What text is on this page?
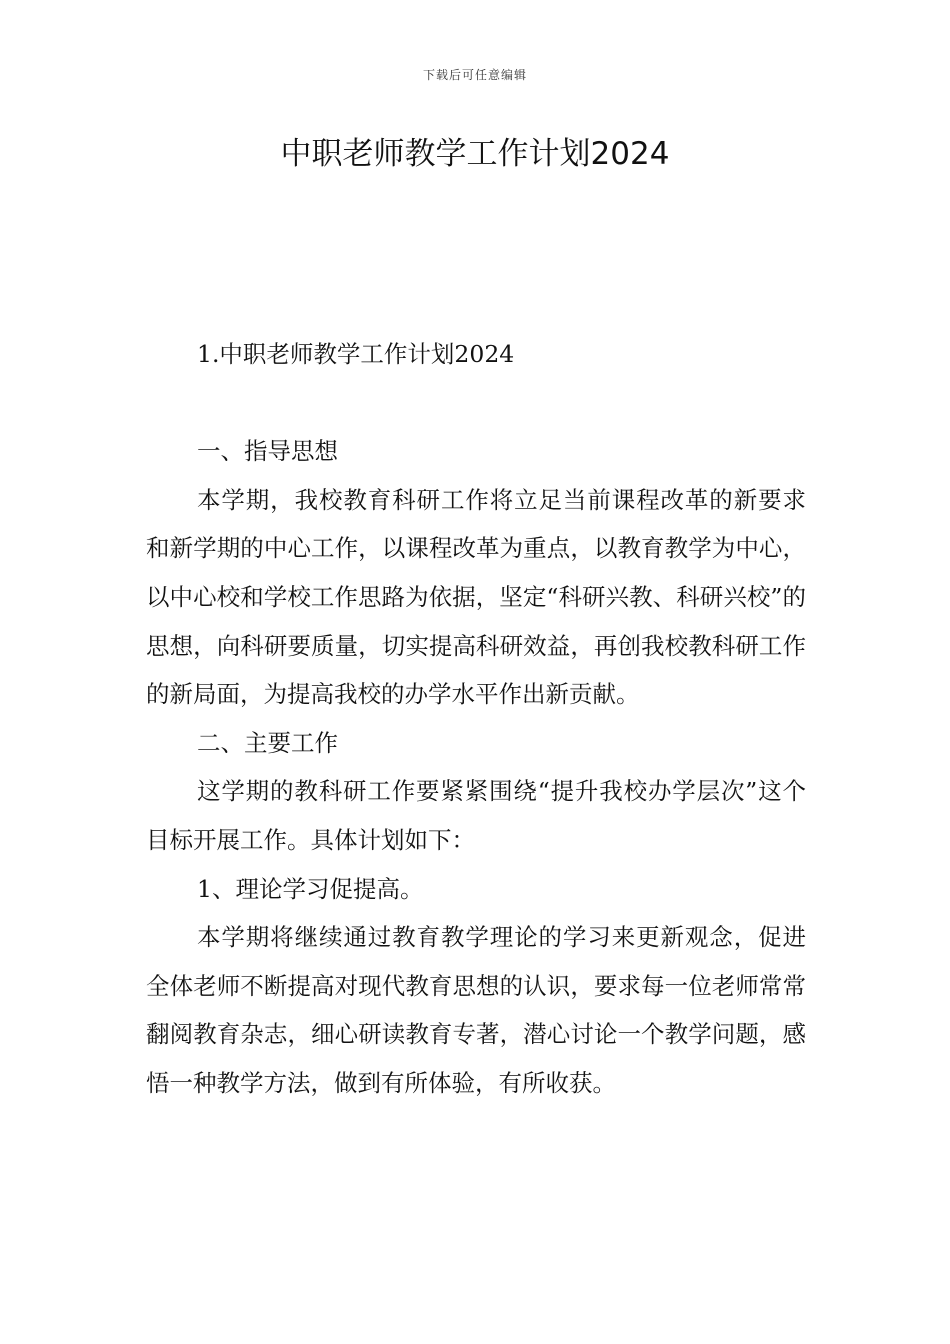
下载后可任意编辑
中职老师教学工作计划2024

1.中职老师教学工作计划2024

一、指导思想

本学期，我校教育科研工作将立足当前课程改革的新要求和新学期的中心工作，以课程改革为重点，以教育教学为中心，以中心校和学校工作思路为依据，坚定“科研兴教、科研兴校”的思想，向科研要质量，切实提高科研效益，再创我校教科研工作的新局面，为提高我校的办学水平作出新贡献。

二、主要工作

这学期的教科研工作要紧紧围绕“提升我校办学层次”这个目标开展工作。具体计划如下：

1、理论学习促提高。

本学期将继续通过教育教学理论的学习来更新观念，促进全体老师不断提高对现代教育思想的认识，要求每一位老师常常翻阅教育杂志，细心研读教育专著，潜心讨论一个教学问题，感悟一种教学方法，做到有所体验，有所收获。
